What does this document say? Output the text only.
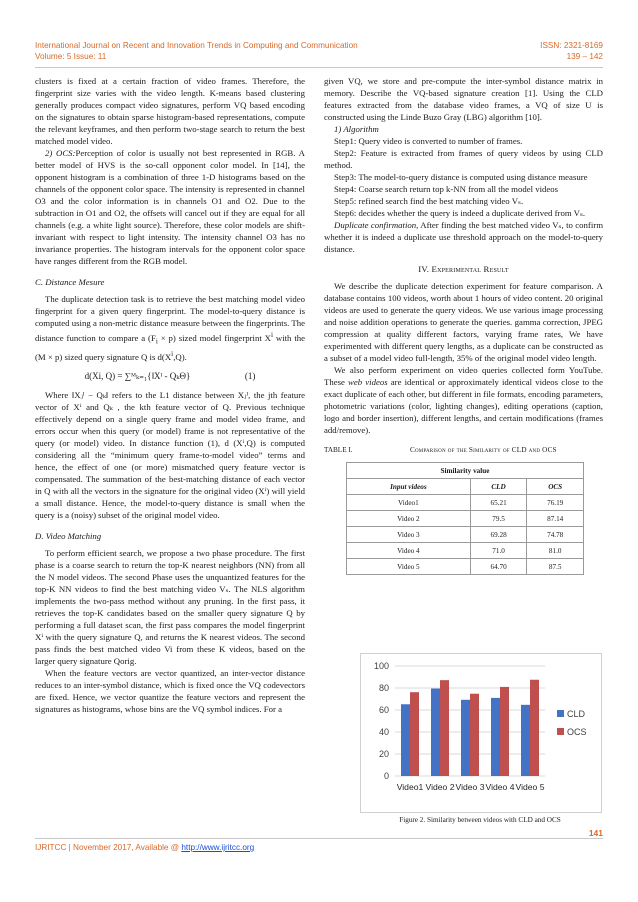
International Journal on Recent and Innovation Trends in Computing and Communication
Volume: 5 Issue: 11
ISSN: 2321-8169
139 – 142

clusters is fixed at a certain fraction of video frames. Therefore, the fingerprint size varies with the video length. K-means based clustering generally produces compact video signatures, perform VQ based encoding on the signatures to obtain sparse histogram-based representations, compute the relevant keyframes, and then perform two-stage search to return the best matched model video.

2) OCS:Perception of color is usually not best represented in RGB. A better model of HVS is the so-call opponent color model. In [14], the opponent histogram is a combination of three 1-D histograms based on the channels of the opponent color space. The intensity is represented in channel O3 and the color information is in channels O1 and O2. Due to the subtraction in O1 and O2, the offsets will cancel out if they are equal for all channels (e.g. a white light source). Therefore, these color models are shift-invariant with respect to light intensity. The intensity channel O3 has no invariance properties. The histogram intervals for the opponent color space have ranges different from the RGB model.

C. Distance Mesure

The duplicate detection task is to retrieve the best matching model video fingerprint for a given query fingerprint. The model-to-query distance is computed using a non-metric distance measure between the fingerprints. The distance function to compare a $(F_i \times p)$ sized model fingerprint $X^i$ with the (M × p) sized query signature Q is $d(X^i,Q)$.

d(Xi, Q) = ∑ᴹₖ₌₁{‖Xᴵ - QₖΘ}	(1)

Where ‖Xⱼᴵ − Qₖ‖ refers to the L1 distance between Xⱼᴵ, the jth feature vector of Xⁱ and Qₖ , the kth feature vector of Q. Previous technique effectively depend on a single query frame and model video frame, and errors occur when this query (or model) frame is not representative of the query (or model) video. In distance function (1), d (Xⁱ,Q) is computed considering all the “minimum query frame-to-model video” terms and hence, the effect of one (or more) mismatched query feature vector is compensated. The summation of the best-matching distance of each vector in Q with all the vectors in the signature for the original video (Xⁱ) will yield a small distance. Hence, the model-to-query distance is small when the query is a (noisy) subset of the original model video.

D. Video Matching

To perform efficient search, we propose a two phase procedure. The first phase is a coarse search to return the top-K nearest neighbors (NN) from all the N model videos. The second Phase uses the unquantized features for the top-K NN videos to find the best matching video Vₛ. The NLS algorithm implements the two-pass method without any pruning. In the first pass, it retrieves the top-K candidates based on the smaller query signature Q by performing a full dataset scan, the first pass compares the model fingerprint Xⁱ with the query signature Q, and returns the K nearest videos. The second pass finds the best matched video Vi from these K videos, based on the larger query signature Qorig.

When the feature vectors are vector quantized, an inter-vector distance reduces to an inter-symbol distance, which is fixed once the VQ codevectors are fixed. Hence, we vector quantize the feature vectors and represent the signatures as histograms, whose bins are the VQ symbol indices. For a

given VQ, we store and pre-compute the inter-symbol distance matrix in memory. Describe the VQ-based signature creation [1]. Using the CLD features extracted from the database video frames, a VQ of size U is constructed using the Linde Buzo Gray (LBG) algorithm [10].

1) Algorithm

Step1: Query video is converted to number of frames.

Step2: Feature is extracted from frames of query videos by using CLD method.

Step3: The model-to-query distance is computed using distance measure

Step4: Coarse search return top k-NN from all the model videos

Step5: refined search find the best matching video Vₛ.

Step6: decides whether the query is indeed a duplicate derived from Vₛ.

Duplicate confirmation, After finding the best matched video Vₛ, to confirm whether it is indeed a duplicate use threshold approach on the model-to-query distance.

IV. Experimental Result

We describe the duplicate detection experiment for feature comparison. A database contains 100 videos, worth about 1 hours of video content. 20 original videos are used to generate the query videos. We use various image processing and noise addition operations to generate the queries. gamma correction, JPEG compression at quality different factors, varying frame rates, We have experimented with different query lengths, as a duplicate can be constructed as a subset of a model video full-length, 35% of the original model video length.

We also perform experiment on video queries collected form YouTube. These web videos are identical or approximately identical videos close to the exact duplicate of each other, but different in file formats, encoding parameters, photometric variations (color, lighting changes), editing operations (caption, logo and border insertion), different lengths, and certain modifications (frames add/remove).

TABLE I.	Comparison of the Similarity of CLD and OCS
Similarity value		
Input videos	CLD	OCS
Video1	65.21	76.19
Video 2	79.5	87.14
Video 3	69.28	74.78
Video 4	71.0	81.0
Video 5	64.70	87.5
0
20
40
60
80
100
Video1 Video 2 Video 3 Video 4 Video 5
CLD
OCS
Figure 2. Similarity between videos with CLD and OCS
141
IJRITCC | November 2017, Available @ http://www.ijritcc.org
